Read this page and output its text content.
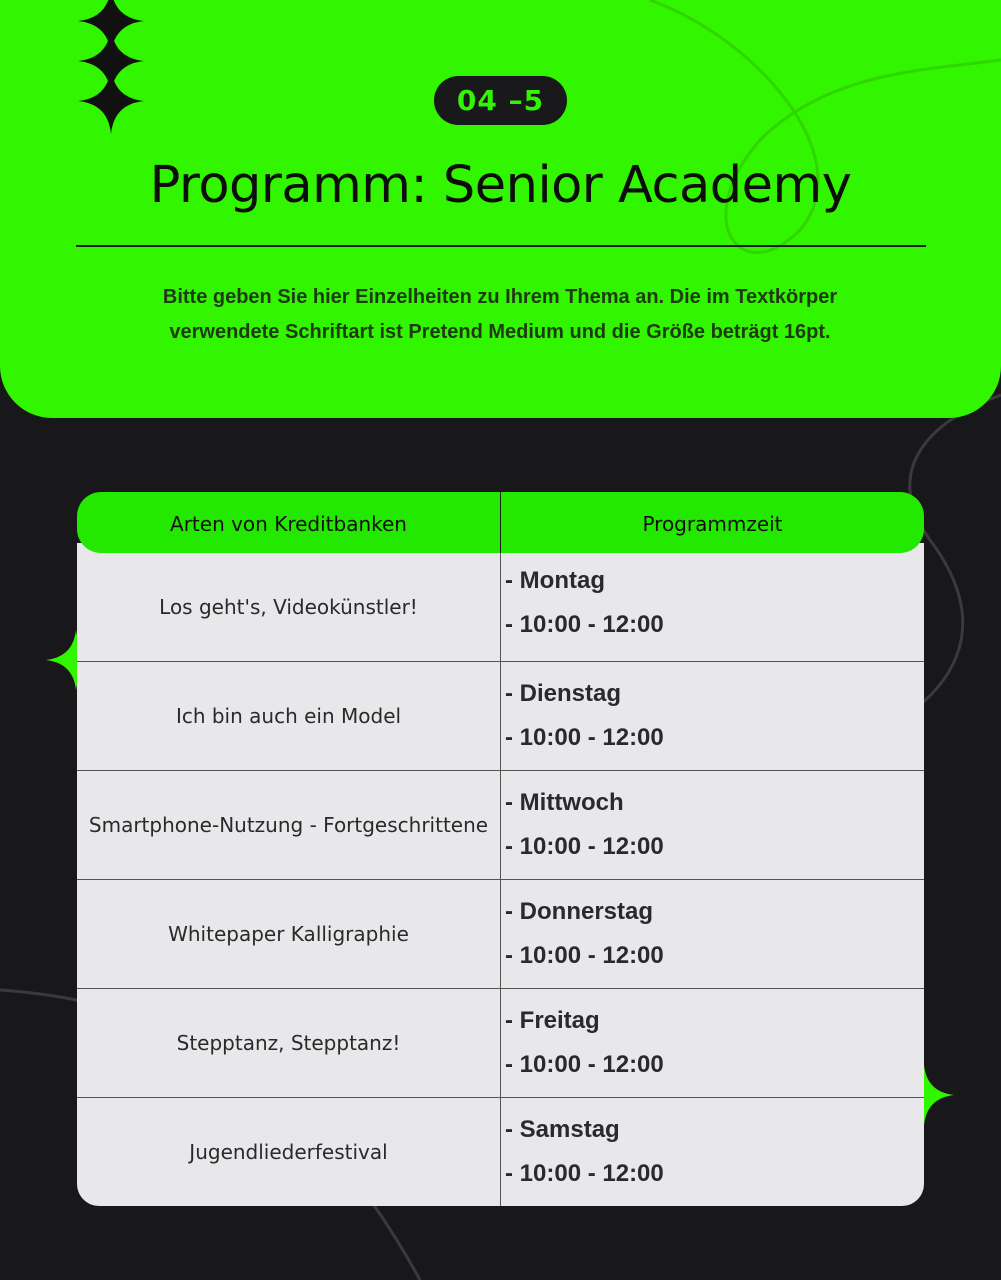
04 –5
Programm: Senior Academy
Bitte geben Sie hier Einzelheiten zu Ihrem Thema an. Die im Textkörper
verwendete Schriftart ist Pretend Medium und die Größe beträgt 16pt.
Arten von Kreditbanken	Programmzeit
Los geht's, Videokünstler!
- Montag
- 10:00 - 12:00
Ich bin auch ein Model
- Dienstag
- 10:00 - 12:00
Smartphone-Nutzung - Fortgeschrittene
- Mittwoch
- 10:00 - 12:00
Whitepaper Kalligraphie
- Donnerstag
- 10:00 - 12:00
Stepptanz, Stepptanz!
- Freitag
- 10:00 - 12:00
Jugendliederfestival
- Samstag
- 10:00 - 12:00
